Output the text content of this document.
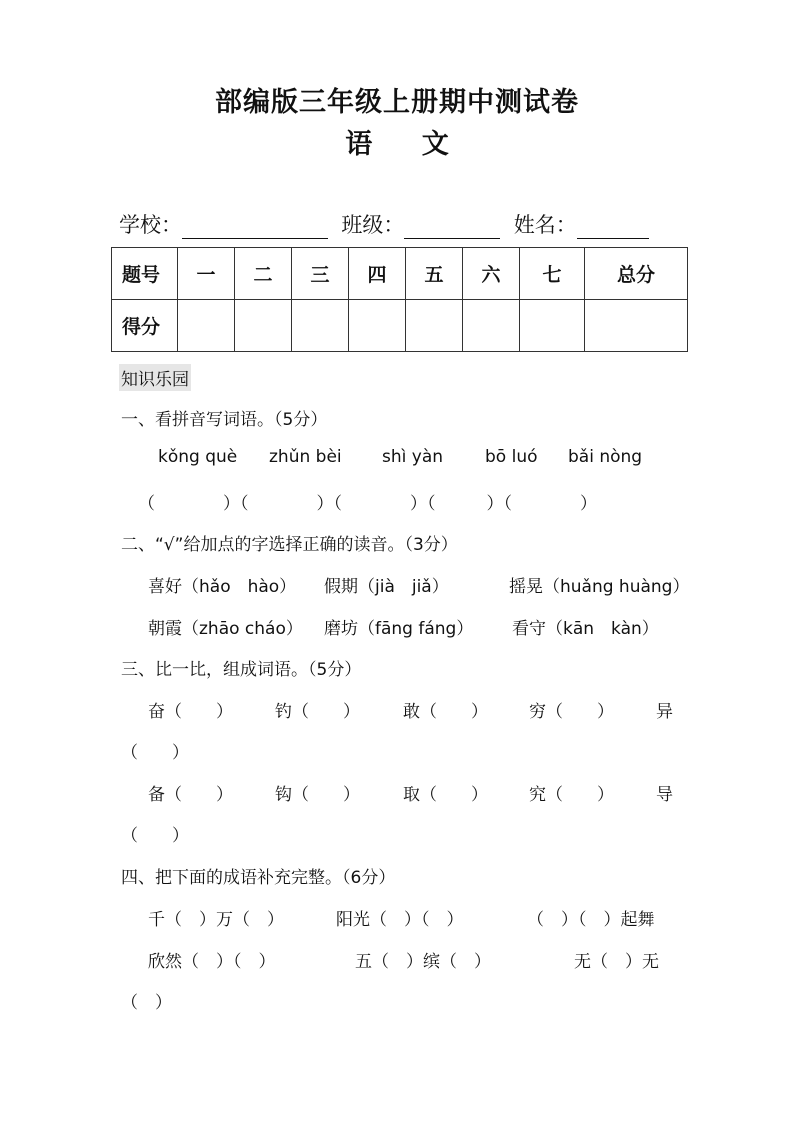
部编版三年级上册期中测试卷
语 文
学校：	班级：	姓名：
题号	一	二	三	四	五	六	七	总分
得分								
知识乐园
一、看拼音写词语。（5分）
kǒng què zhǔn bèi shì yàn bō luó bǎi nòng
（　　　　）（　　　　）（　　　　）（　　　）（　　　　）
二、“√”给加点的字选择正确的读音。（3分）
喜好（hǎo　hào） 假期（jià　jiǎ）	摇晃（huǎng huàng）
朝霞（zhāo cháo） 磨坊（fāng fáng） 看守（kān　kàn）
三、比一比，组成词语。（5分）
奋（　　） 钓（　　）	敢（　　） 穷（　　） 异
（　　）
备（　　） 钩（　　）	取（　　） 究（　　） 导
（　　）
四、把下面的成语补充完整。（6分）
千（　）万（　）	阳光（　）（　）	（　）（　）起舞
欣然（　）（　）	五（　）缤（　）	无（　）无
（　）
